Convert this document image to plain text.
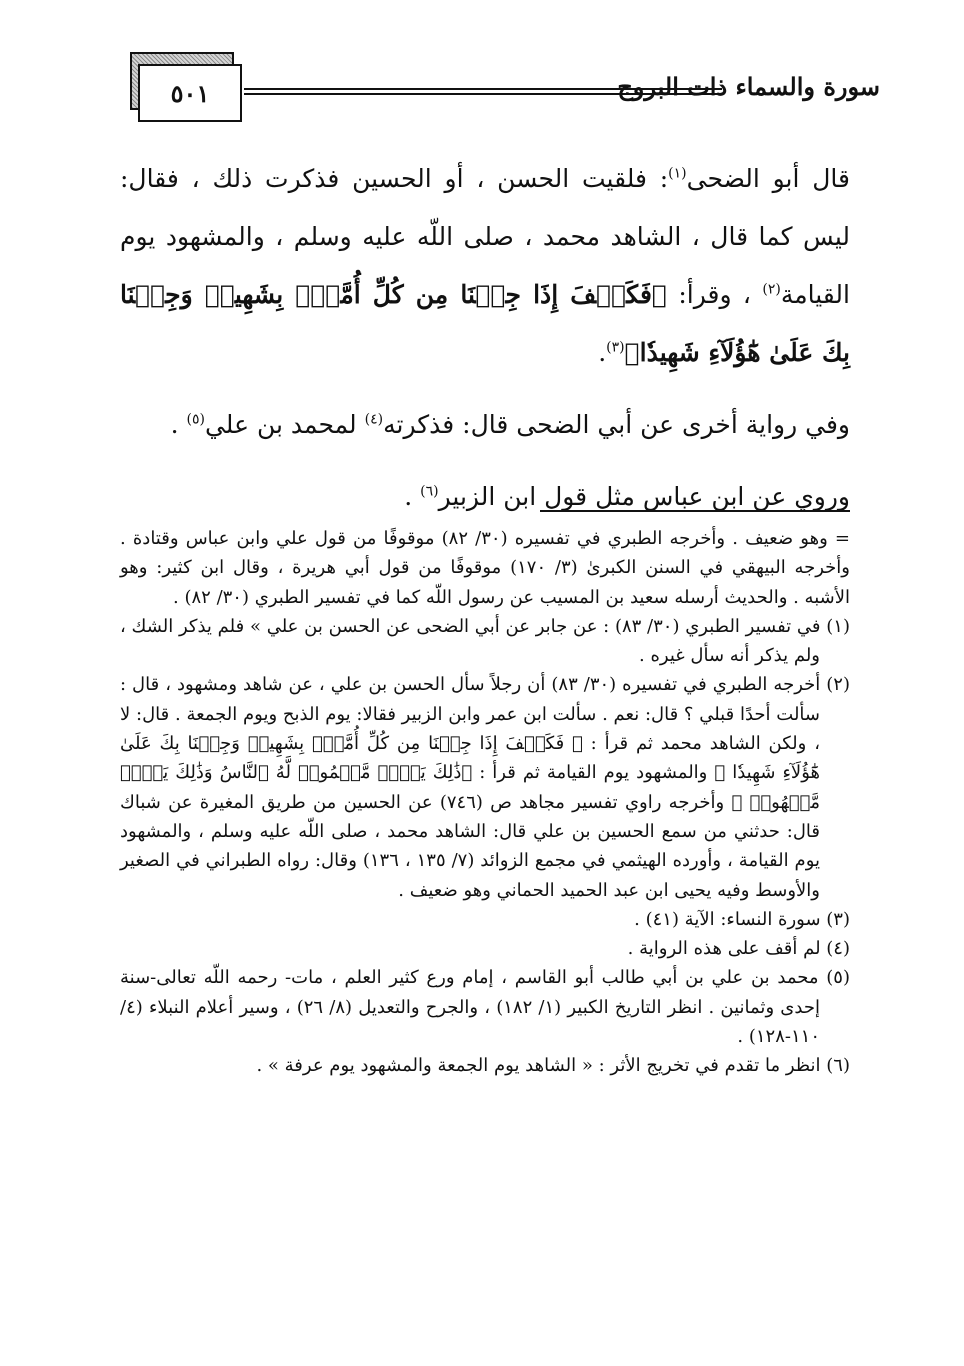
٥٠١	سورة والسماء ذات البروج

قال أبو الضحى$^{(١)}$: فلقيت الحسن ، أو الحسين فذكرت ذلك ، فقال: ليس كما قال ، الشاهد محمد ، صلى اللّه عليه وسلم ، والمشهود يوم القيامة$^{(٢)}$ ، وقرأ: ﴿فَكَيۡفَ إِذَا جِئۡنَا مِن كُلِّ أُمَّةِۭ بِشَهِيدٖ وَجِئۡنَا بِكَ عَلَىٰ هَٰٓؤُلَآءِ شَهِيدٗا﴾$^{(٣)}$.

وفي رواية أخرى عن أبي الضحى قال: فذكرته$^{(٤)}$ لمحمد بن علي$^{(٥)}$ .

وروي عن ابن عباس مثل قول ابن الزبير$^{(٦)}$ .

= وهو ضعيف . وأخرجه الطبري في تفسيره (٣٠/ ٨٢) موقوفًا من قول علي وابن عباس وقتادة . وأخرجه البيهقي في السنن الكبرىٰ (٣/ ١٧٠) موقوفًا من قول أبي هريرة ، وقال ابن كثير: وهو الأشبه . والحديث أرسله سعيد بن المسيب عن رسول اللّه كما في تفسير الطبري (٣٠/ ٨٢) .

(١) في تفسير الطبري (٣٠/ ٨٣) : عن جابر عن أبي الضحى عن الحسن بن علي » فلم يذكر الشك ، ولم يذكر أنه سأل غيره .

(٢) أخرجه الطبري في تفسيره (٣٠/ ٨٣) أن رجلاً سأل الحسن بن علي ، عن شاهد ومشهود ، قال : سألت أحدًا قبلي ؟ قال: نعم . سألت ابن عمر وابن الزبير فقالا: يوم الذبح ويوم الجمعة . قال: لا ، ولكن الشاهد محمد ثم قرأ : ﴿ فَكَيۡفَ إِذَا جِئۡنَا مِن كُلِّ أُمَّةِۭ بِشَهِيدٖ وَجِئۡنَا بِكَ عَلَىٰ هَٰٓؤُلَآءِ شَهِيدٗا ﴾ والمشهود يوم القيامة ثم قرأ : ﴿ذَٰلِكَ يَوۡمٞ مَّجۡمُوعٞ لَّهُ ٱلنَّاسُ وَذَٰلِكَ يَوۡمٞ مَّشۡهُودٞ ﴾ وأخرجه راوي تفسير مجاهد ص (٧٤٦) عن الحسين من طريق المغيرة عن شباك قال: حدثني من سمع الحسين بن علي قال: الشاهد محمد ، صلى اللّه عليه وسلم ، والمشهود يوم القيامة ، وأورده الهيثمي في مجمع الزوائد (٧/ ١٣٥ ، ١٣٦) وقال: رواه الطبراني في الصغير والأوسط وفيه يحيى ابن عبد الحميد الحماني وهو ضعيف .

(٣) سورة النساء: الآية (٤١) .

(٤) لم أقف على هذه الرواية .

(٥) محمد بن علي بن أبي طالب أبو القاسم ، إمام ورع كثير العلم ، مات- رحمه اللّه تعالى-سنة إحدى وثمانين . انظر التاريخ الكبير (١/ ١٨٢) ، والجرح والتعديل (٨/ ٢٦) ، وسير أعلام النبلاء (٤/ ١١٠-١٢٨) .

(٦) انظر ما تقدم في تخريج الأثر : « الشاهد يوم الجمعة والمشهود يوم عرفة » .
